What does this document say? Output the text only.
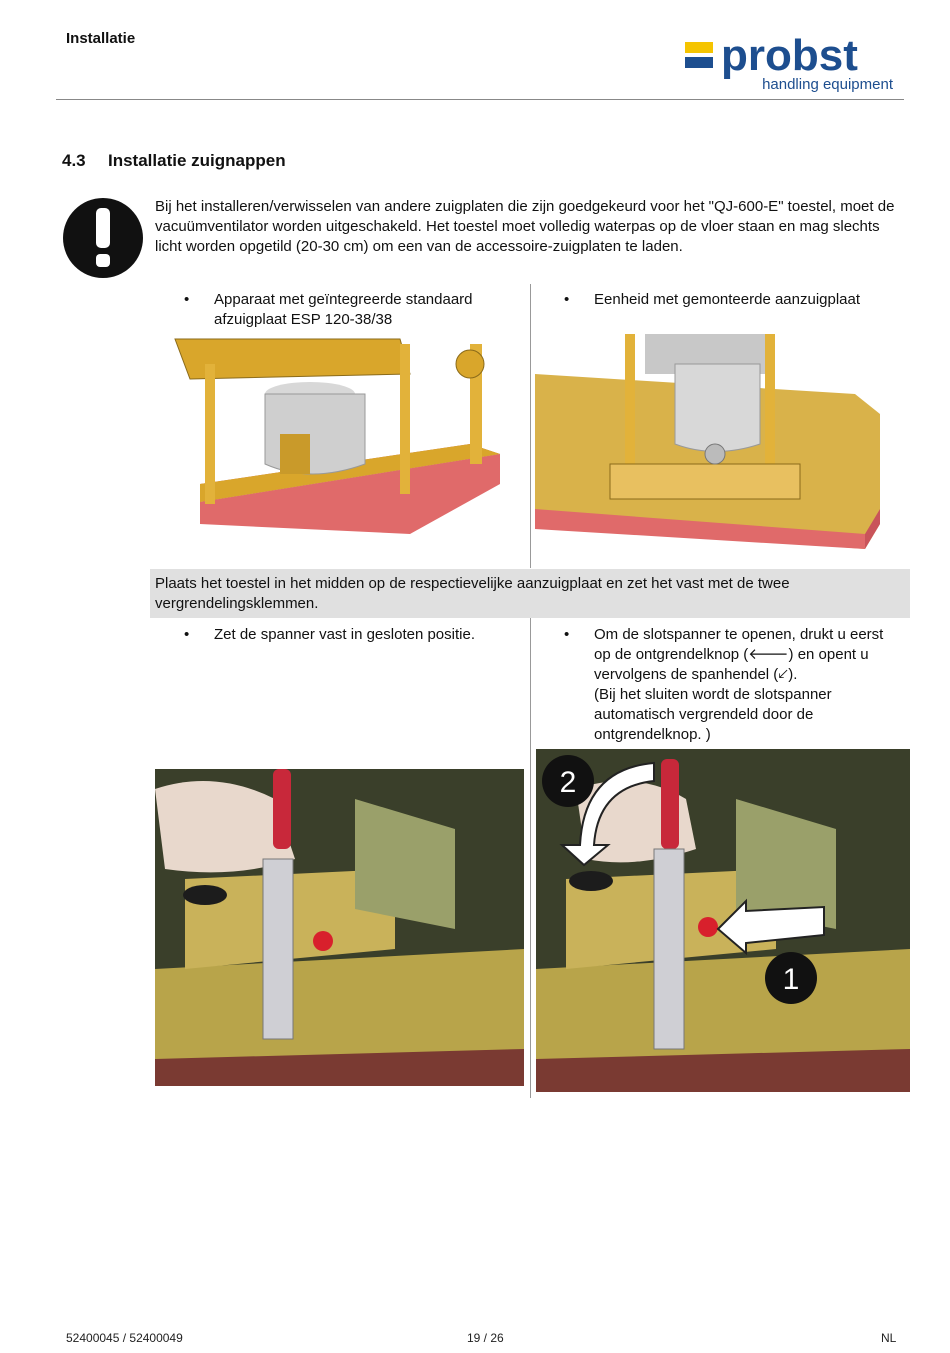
Installatie	probst
handling equipment
4.3 Installatie zuignappen
Bij het installeren/verwisselen van andere zuigplaten die zijn goedgekeurd voor het "QJ-600-E" toestel, moet de vacuümventilator worden uitgeschakeld. Het toestel moet volledig waterpas op de vloer staan en mag slechts licht worden opgetild (20-30 cm) om een van de accessoire-zuigplaten te laden.
• Apparaat met geïntegreerde standaard afzuigplaat ESP 120-38/38
• Eenheid met gemonteerde aanzuigplaat
Plaats het toestel in het midden op de respectievelijke aanzuigplaat en zet het vast met de twee vergrendelingsklemmen.
• Zet de spanner vast in gesloten positie.	• Om de slotspanner te openen, drukt u eerst op de ontgrendelknop (🡐) en opent u vervolgens de spanhendel (🡗).
(Bij het sluiten wordt de slotspanner automatisch vergrendeld door de ontgrendelknop. )
2
1
52400045 / 52400049	19 / 26	NL
